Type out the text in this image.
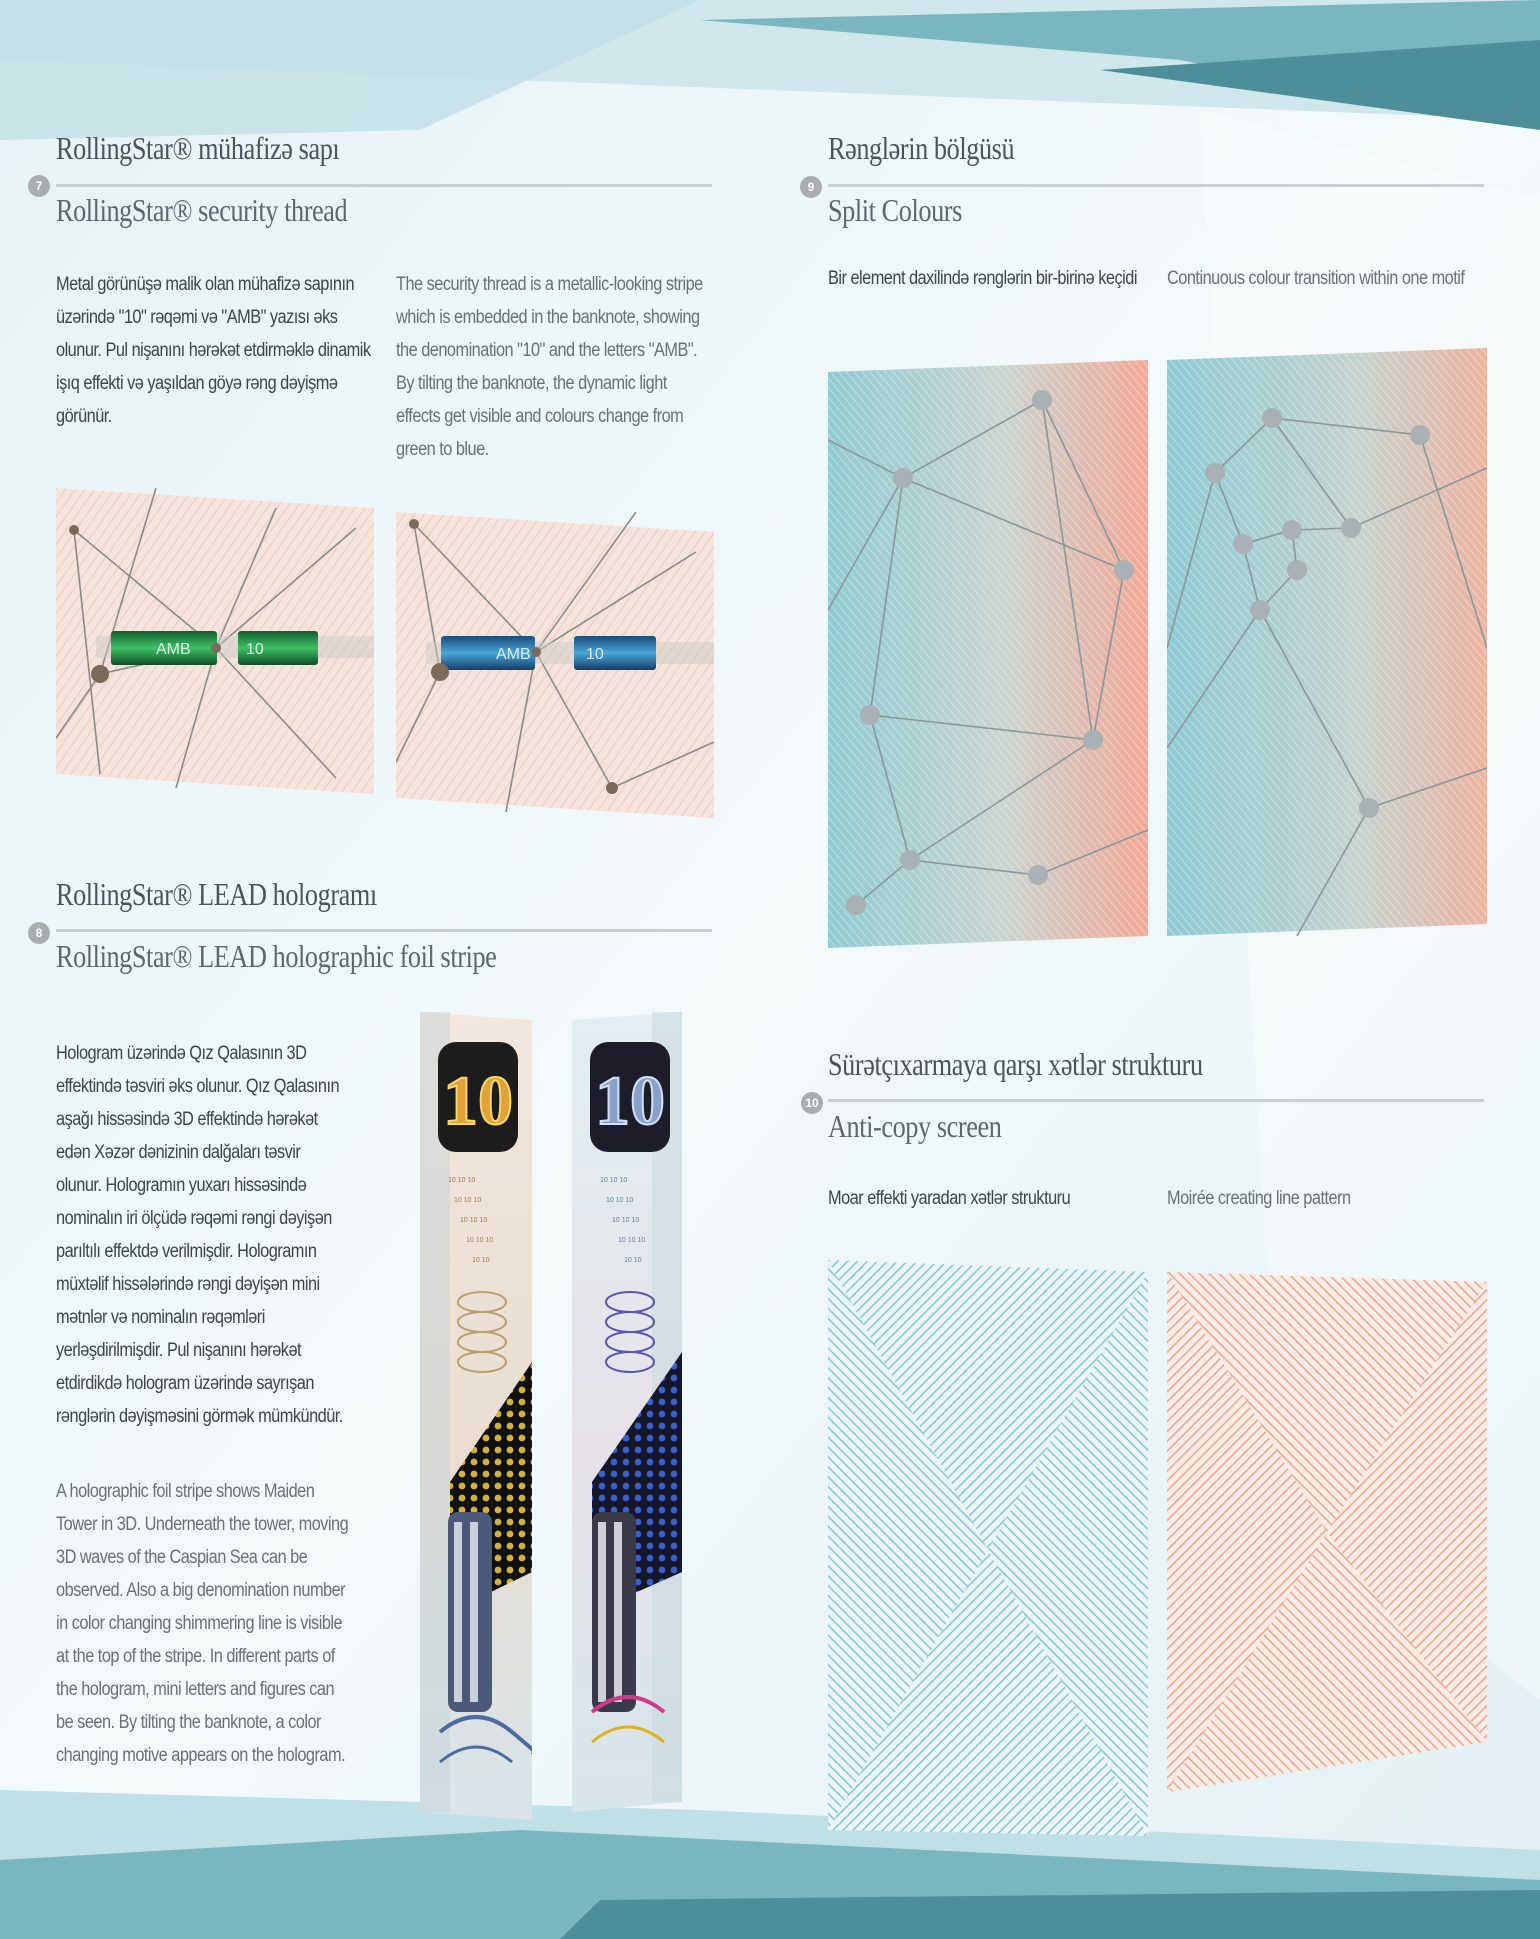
7
RollingStar® mühafizə sapı
RollingStar® security thread
Metal görünüşə malik olan mühafizə sapının üzərində "10" rəqəmi və "AMB" yazısı əks olunur. Pul nişanını hərəkət etdirməklə dinamik işıq effekti və yaşıldan göyə rəng dəyişmə görünür.
The security thread is a metallic-looking stripe which is embedded in the banknote, showing the denomination "10" and the letters "AMB". By tilting the banknote, the dynamic light effects get visible and colours change from green to blue.
AMB	10	AMB	10
8
RollingStar® LEAD hologramı
RollingStar® LEAD holographic foil stripe
Hologram üzərində Qız Qalasının 3D effektində təsviri əks olunur. Qız Qalasının aşağı hissəsində 3D effektində hərəkət edən Xəzər dənizinin dalğaları təsvir olunur. Hologramın yuxarı hissəsində nominalın iri ölçüdə rəqəmi rəngi dəyişən parıltılı effektdə verilmişdir. Hologramın müxtəlif hissələrində rəngi dəyişən mini mətnlər və nominalın rəqəmləri yerləşdirilmişdir. Pul nişanını hərəkət etdirdikdə hologram üzərində sayrışan rənglərin dəyişməsini görmək mümkündür.
A holographic foil stripe shows Maiden Tower in 3D. Underneath the tower, moving 3D waves of the Caspian Sea can be observed. Also a big denomination number in color changing shimmering line is visible at the top of the stripe. In different parts of the hologram, mini letters and figures can be seen. By tilting the banknote, a color changing motive appears on the hologram.
10
10 10 10
10 10 10
10 10 10
10 10 10
10 10
10
10 10 10
10 10 10
10 10 10
10 10 10
10 10
9
Rənglərin bölgüsü
Split Colours
Bir element daxilində rənglərin bir-birinə keçidi Continuous colour transition within one motif
10
Sürətçıxarmaya qarşı xətlər strukturu
Anti-copy screen
Moar effekti yaradan xətlər strukturu	Moirée creating line pattern
